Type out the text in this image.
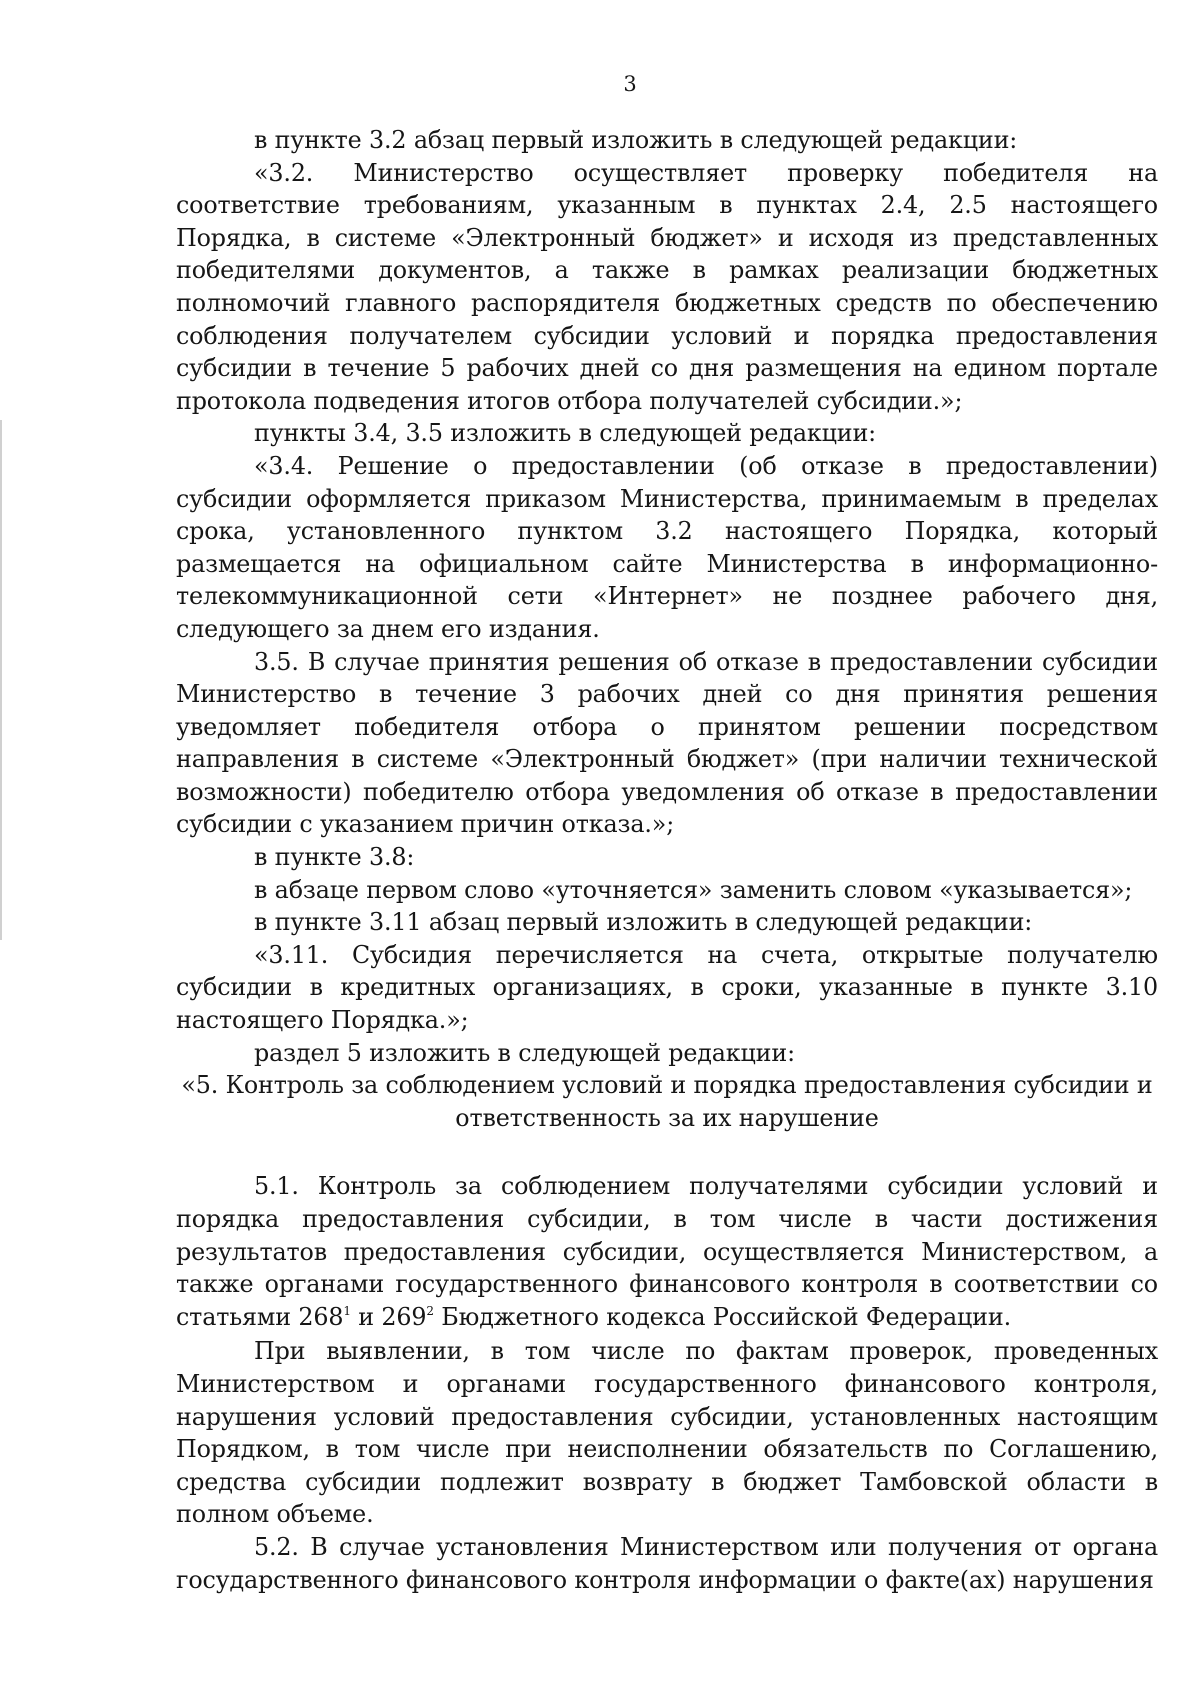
3

в пункте 3.2 абзац первый изложить в следующей редакции:

«3.2. Министерство осуществляет проверку победителя на соответствие требованиям, указанным в пунктах 2.4, 2.5 настоящего Порядка, в системе «Электронный бюджет» и исходя из представленных победителями документов, а также в рамках реализации бюджетных полномочий главного распорядителя бюджетных средств по обеспечению соблюдения получателем субсидии условий и порядка предоставления субсидии в течение 5 рабочих дней со дня размещения на едином портале протокола подведения итогов отбора получателей субсидии.»;

пункты 3.4, 3.5 изложить в следующей редакции:

«3.4. Решение о предоставлении (об отказе в предоставлении) субсидии оформляется приказом Министерства, принимаемым в пределах срока, установленного пунктом 3.2 настоящего Порядка, который размещается на официальном сайте Министерства в информационно-телекоммуникационной сети «Интернет» не позднее рабочего дня, следующего за днем его издания.

3.5. В случае принятия решения об отказе в предоставлении субсидии Министерство в течение 3 рабочих дней со дня принятия решения уведомляет победителя отбора о принятом решении посредством направления в системе «Электронный бюджет» (при наличии технической возможности) победителю отбора уведомления об отказе в предоставлении субсидии с указанием причин отказа.»;

в пункте 3.8:

в абзаце первом слово «уточняется» заменить словом «указывается»;

в пункте 3.11 абзац первый изложить в следующей редакции:

«3.11. Субсидия перечисляется на счета, открытые получателю субсидии в кредитных организациях, в сроки, указанные в пункте 3.10 настоящего Порядка.»;

раздел 5 изложить в следующей редакции:

«5. Контроль за соблюдением условий и порядка предоставления субсидии и
ответственность за их нарушение

5.1. Контроль за соблюдением получателями субсидии условий и порядка предоставления субсидии, в том числе в части достижения результатов предоставления субсидии, осуществляется Министерством, а также органами государственного финансового контроля в соответствии со статьями $268^1$ и $269^2$ Бюджетного кодекса Российской Федерации.

При выявлении, в том числе по фактам проверок, проведенных Министерством и органами государственного финансового контроля, нарушения условий предоставления субсидии, установленных настоящим Порядком, в том числе при неисполнении обязательств по Соглашению, средства субсидии подлежит возврату в бюджет Тамбовской области в полном объеме.

5.2. В случае установления Министерством или получения от органа государственного финансового контроля информации о факте(ах) нарушения
